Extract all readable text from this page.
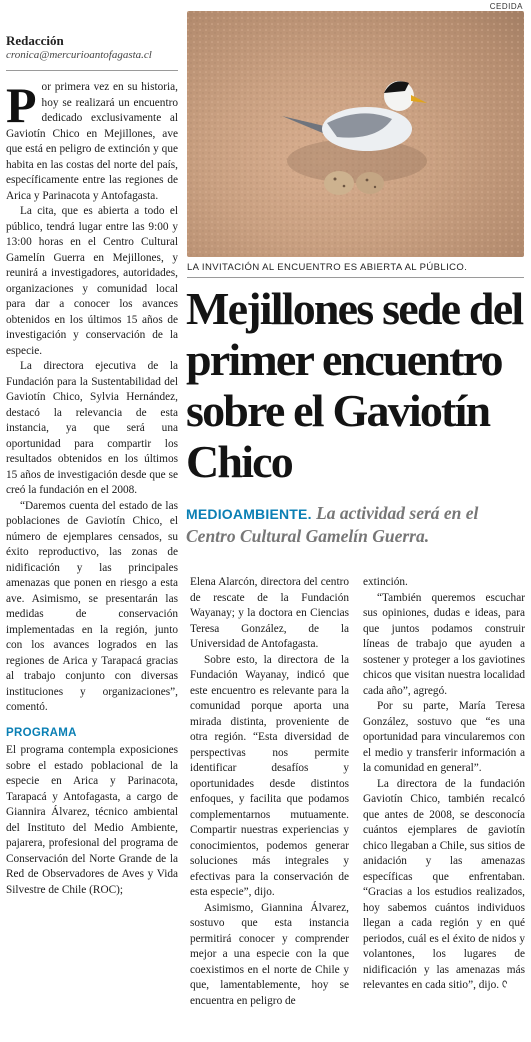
CEDIDA
Redacción
cronica@mercurioantofagasta.cl
P or primera vez en su historia, hoy se realizará un encuentro dedicado exclusivamente al Gaviotín Chico en Mejillones, ave que está en peligro de extinción y que habita en las costas del norte del país, específicamente entre las regiones de Arica y Parinacota y Antofagasta.

La cita, que es abierta a todo el público, tendrá lugar entre las 9:00 y 13:00 horas en el Centro Cultural Gamelín Guerra en Mejillones, y reunirá a investigadores, autoridades, organizaciones y comunidad local para dar a conocer los avances obtenidos en los últimos 15 años de investigación y conservación de la especie.

La directora ejecutiva de la Fundación para la Sustentabilidad del Gaviotín Chico, Sylvia Hernández, destacó la relevancia de esta instancia, ya que será una oportunidad para compartir los resultados obtenidos en los últimos 15 años de investigación desde que se creó la fundación en el 2008.

“Daremos cuenta del estado de las poblaciones de Gaviotín Chico, el número de ejemplares censados, su éxito reproductivo, las zonas de nidificación y las principales amenazas que ponen en riesgo a esta ave. Asimismo, se presentarán las medidas de conservación implementadas en la región, junto con los avances logrados en las regiones de Arica y Tarapacá gracias al trabajo conjunto con diversas instituciones y organizaciones”, comentó.

PROGRAMA

El programa contempla exposiciones sobre el estado poblacional de la especie en Arica y Parinacota, Tarapacá y Antofagasta, a cargo de Giannira Álvarez, técnico ambiental del Instituto del Medio Ambiente, pajarera, profesional del programa de Conservación del Norte Grande de la Red de Observadores de Aves y Vida Silvestre de Chile (ROC);

LA INVITACIÓN AL ENCUENTRO ES ABIERTA AL PÚBLICO.
Mejillones sede del primer encuentro sobre el Gaviotín Chico
MEDIOAMBIENTE. La actividad será en el Centro Cultural Gamelín Guerra.

Elena Alarcón, directora del centro de rescate de la Fundación Wayanay; y la doctora en Ciencias Teresa González, de la Universidad de Antofagasta.

Sobre esto, la directora de la Fundación Wayanay, indicó que este encuentro es relevante para la comunidad porque aporta una mirada distinta, proveniente de otra región. “Esta diversidad de perspectivas nos permite identificar desafíos y oportunidades desde distintos enfoques, y facilita que podamos complementarnos mutuamente. Compartir nuestras experiencias y conocimientos, podemos generar soluciones más integrales y efectivas para la conservación de esta especie”, dijo.

Asimismo, Giannina Álvarez, sostuvo que esta instancia permitirá conocer y comprender mejor a una especie con la que coexistimos en el norte de Chile y que, lamentablemente, hoy se encuentra en peligro de

extinción.

“También queremos escuchar sus opiniones, dudas e ideas, para que juntos podamos construir líneas de trabajo que ayuden a sostener y proteger a los gaviotines chicos que visitan nuestra localidad cada año”, agregó.

Por su parte, María Teresa González, sostuvo que “es una oportunidad para vincularemos con el medio y transferir información a la comunidad en general”.

La directora de la fundación Gaviotín Chico, también recalcó que antes de 2008, se desconocía cuántos ejemplares de gaviotín chico llegaban a Chile, sus sitios de anidación y las amenazas específicas que enfrentaban. “Gracias a los estudios realizados, hoy sabemos cuántos individuos llegan a cada región y en qué periodos, cuál es el éxito de nidos y volantones, los lugares de nidificación y las amenazas más relevantes en cada sitio”, dijo. ᢗ
